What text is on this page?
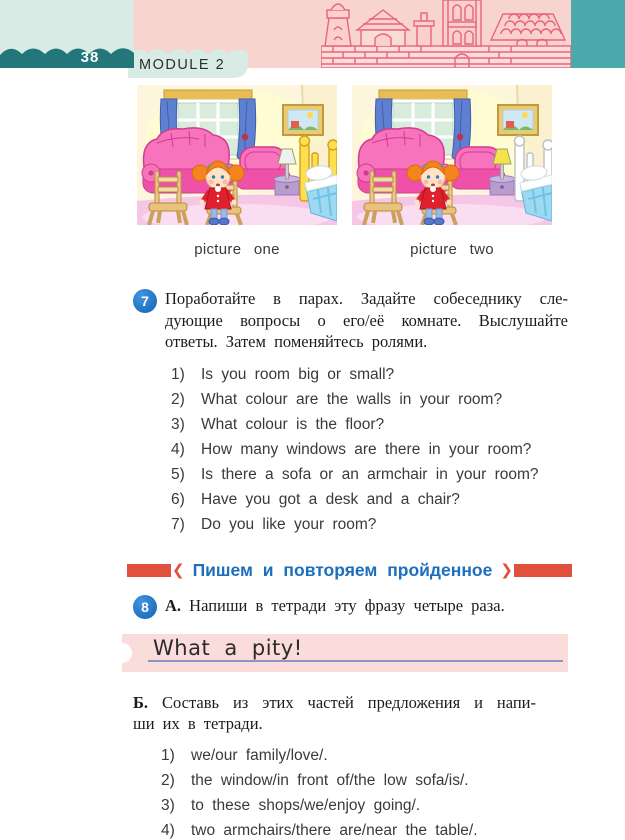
38	MODULE 2
picture one	picture two
7 Поработайте в парах. Задайте собеседнику сле-
дующие вопросы о его/её комнате. Выслушайте
ответы. Затем поменяйтесь ролями.
1)	Is you room big or small?
2)	What colour are the walls in your room?
3)	What colour is the floor?
4)	How many windows are there in your room?
5)	Is there a sofa or an armchair in your room?
6)	Have you got a desk and a chair?
7)	Do you like your room?
❮ Пишем и повторяем пройденное ❯
8 А. Напиши в тетради эту фразу четыре раза.
What a pity!
Б. Составь из этих частей предложения и напи-
ши их в тетради.
1)	we/our family/love/.
2)	the window/in front of/the low sofa/is/.
3)	to these shops/we/enjoy going/.
4)	two armchairs/there are/near the table/.
